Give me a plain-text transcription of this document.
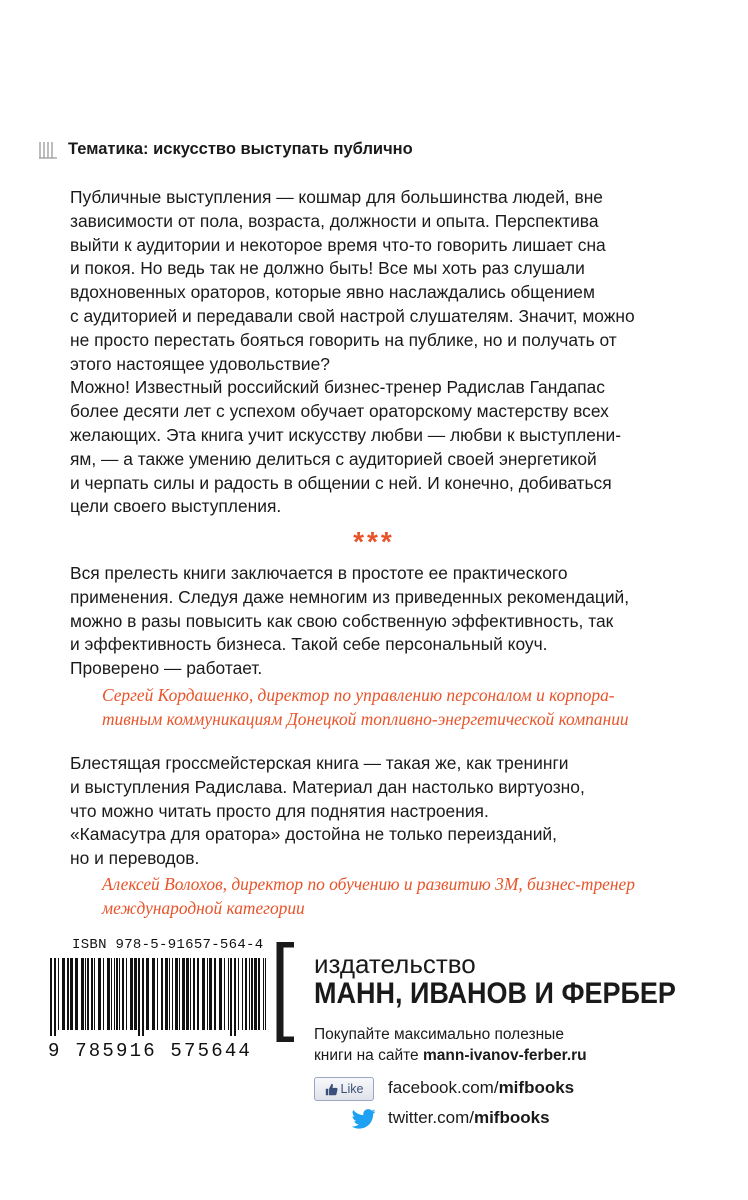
Тематика: искусство выступать публично
Публичные выступления — кошмар для большинства людей, вне
зависимости от пола, возраста, должности и опыта. Перспектива
выйти к аудитории и некоторое время что-то говорить лишает сна
и покоя. Но ведь так не должно быть! Все мы хоть раз слушали
вдохновенных ораторов, которые явно наслаждались общением
с аудиторией и передавали свой настрой слушателям. Значит, можно
не просто перестать бояться говорить на публике, но и получать от
этого настоящее удовольствие?
Можно! Известный российский бизнес-тренер Радислав Гандапас
более десяти лет с успехом обучает ораторскому мастерству всех
желающих. Эта книга учит искусству любви — любви к выступлени-
ям, — а также умению делиться с аудиторией своей энергетикой
и черпать силы и радость в общении с ней. И конечно, добиваться
цели своего выступления.
***
Вся прелесть книги заключается в простоте ее практического
применения. Следуя даже немногим из приведенных рекомендаций,
можно в разы повысить как свою собственную эффективность, так
и эффективность бизнеса. Такой себе персональный коуч.
Проверено — работает.
Сергей Кордашенко, директор по управлению персоналом и корпора-
тивным коммуникациям Донецкой топливно-энергетической компании
Блестящая гроссмейстерская книга — такая же, как тренинги
и выступления Радислава. Материал дан настолько виртуозно,
что можно читать просто для поднятия настроения.
«Камасутра для оратора» достойна не только переизданий,
но и переводов.
Алексей Волохов, директор по обучению и развитию 3M, бизнес-тренер
международной категории
ISBN 978-5-91657-564-4
9 785916 575644
издательство
МАНН, ИВАНОВ И ФЕРБЕР
Покупайте максимально полезные
книги на сайте mann-ivanov-ferber.ru
Like facebook.com/mifbooks
twitter.com/mifbooks
